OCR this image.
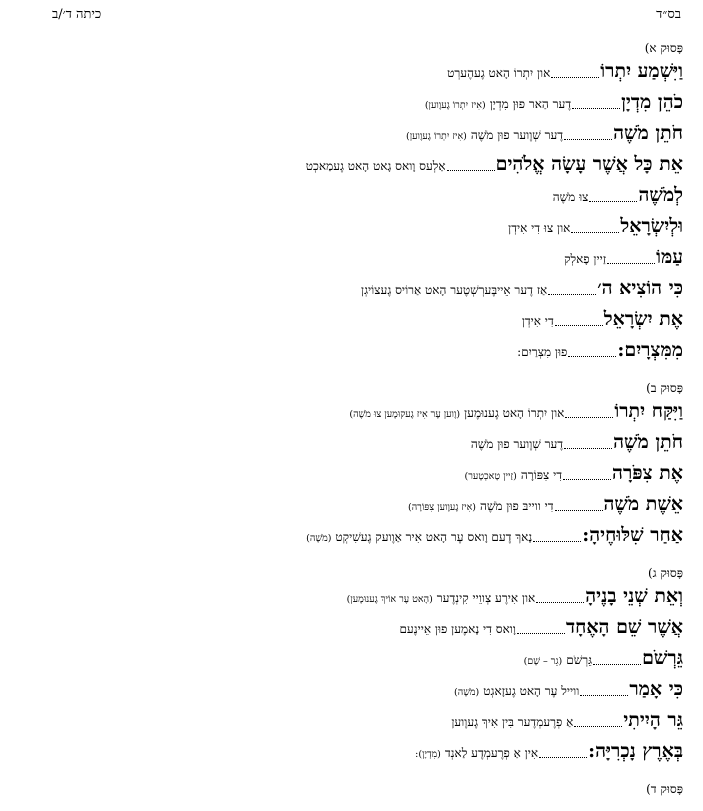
כיתה ד׳/ב	בס״ד
פָּסוּק א)
וַיִּשְׁמַע יִתְרוֹ
און יִתְרוֹ הָאט גֶעהֶערְט
כֹהֵן מִדְיָן
דֶער הַאר פוּן מִדְיָן
(אִיז יִתְרוֹ גֶעוֶוען)
חֹתֵן מֹשֶׁה
דֶער שְׁוֶוער פוּן מֹשֶׁה
(אִיז יִתְרוֹ גֶעוֶוען)
אֵת כָּל אֲשֶׁר עָשָׂה אֱלֹהִים
אַלְעס וָואס גָאט הָאט גֶעמַאכְט
לְמֹשֶׁה
צוּ מֹשֶׁה
וּלְיִשְׂרָאֵל
און צוּ דִי אִידְן
עַמּוֹ
זַיין פָאלְק
כִּי הוֹצִיא ה׳
אַז דֶער אֵייבֶּערְשְׁטֶער הָאט אַרוֹיס גֶעצוֹיגְן
אֶת יִשְׂרָאֵל
דִי אִידְן
מִמִּצְרָיִם:
פוּן מִצְרַיִם:
פָּסוּק ב)
וַיִּקַּח יִתְרוֹ
און יִתְרוֹ הָאט גֶענוּמֶען
(וֶוען עֶר אִיז גֶעקוּמֶען צוּ מֹשֶׁה)
חֹתֵן מֹשֶׁה
דֶער שְׁוֶוער פוּן מֹשֶׁה
אֶת צִפֹּרָה
דִי צִפּוֹרָה
(זַיין טָאכְטֶער)
אֵשֶׁת מֹשֶׁה
דִי ווייבּ פוּן מֹשֶׁה
(אִיז גֶעוֶוען צִפּוֹרָה)
אַחַר שִׁלּוּחֶיהָ:
נָאךְ דֶעם וָואס עֶר הָאט אִיר אַוֶועק גֶעשִׁיקְט
(מֹשֶׁה)
פָּסוּק ג)
וְאֵת שְׁנֵי בָנֶיהָ
און אִירֶע צְווֵיי קִינְדֶער
(הָאט עֶר אוֹיךְ גֶענוּמֶען)
אֲשֶׁר שֵׁם הָאֶחָד
וָואס דִי נָאמֶען פוּן אֵיינֶעם
גֵּרְשֹׁם
גֵּרְשֹׁם
(גֵר – שָׁם)
כִּי אָמַר
ווייל עֶר הָאט גֶעזָאגְט
(מֹשֶׁה)
גֵּר הָיִיתִי
אַ פְרֶעמְדֶער בִּין אִיךְ גֶעוֶוען
בְּאֶרֶץ נָכְרִיָּה:
אִין אַ פְרֶעמְדֶע לַאנְד
(מִדְיָן):
פָּסוּק ד)
